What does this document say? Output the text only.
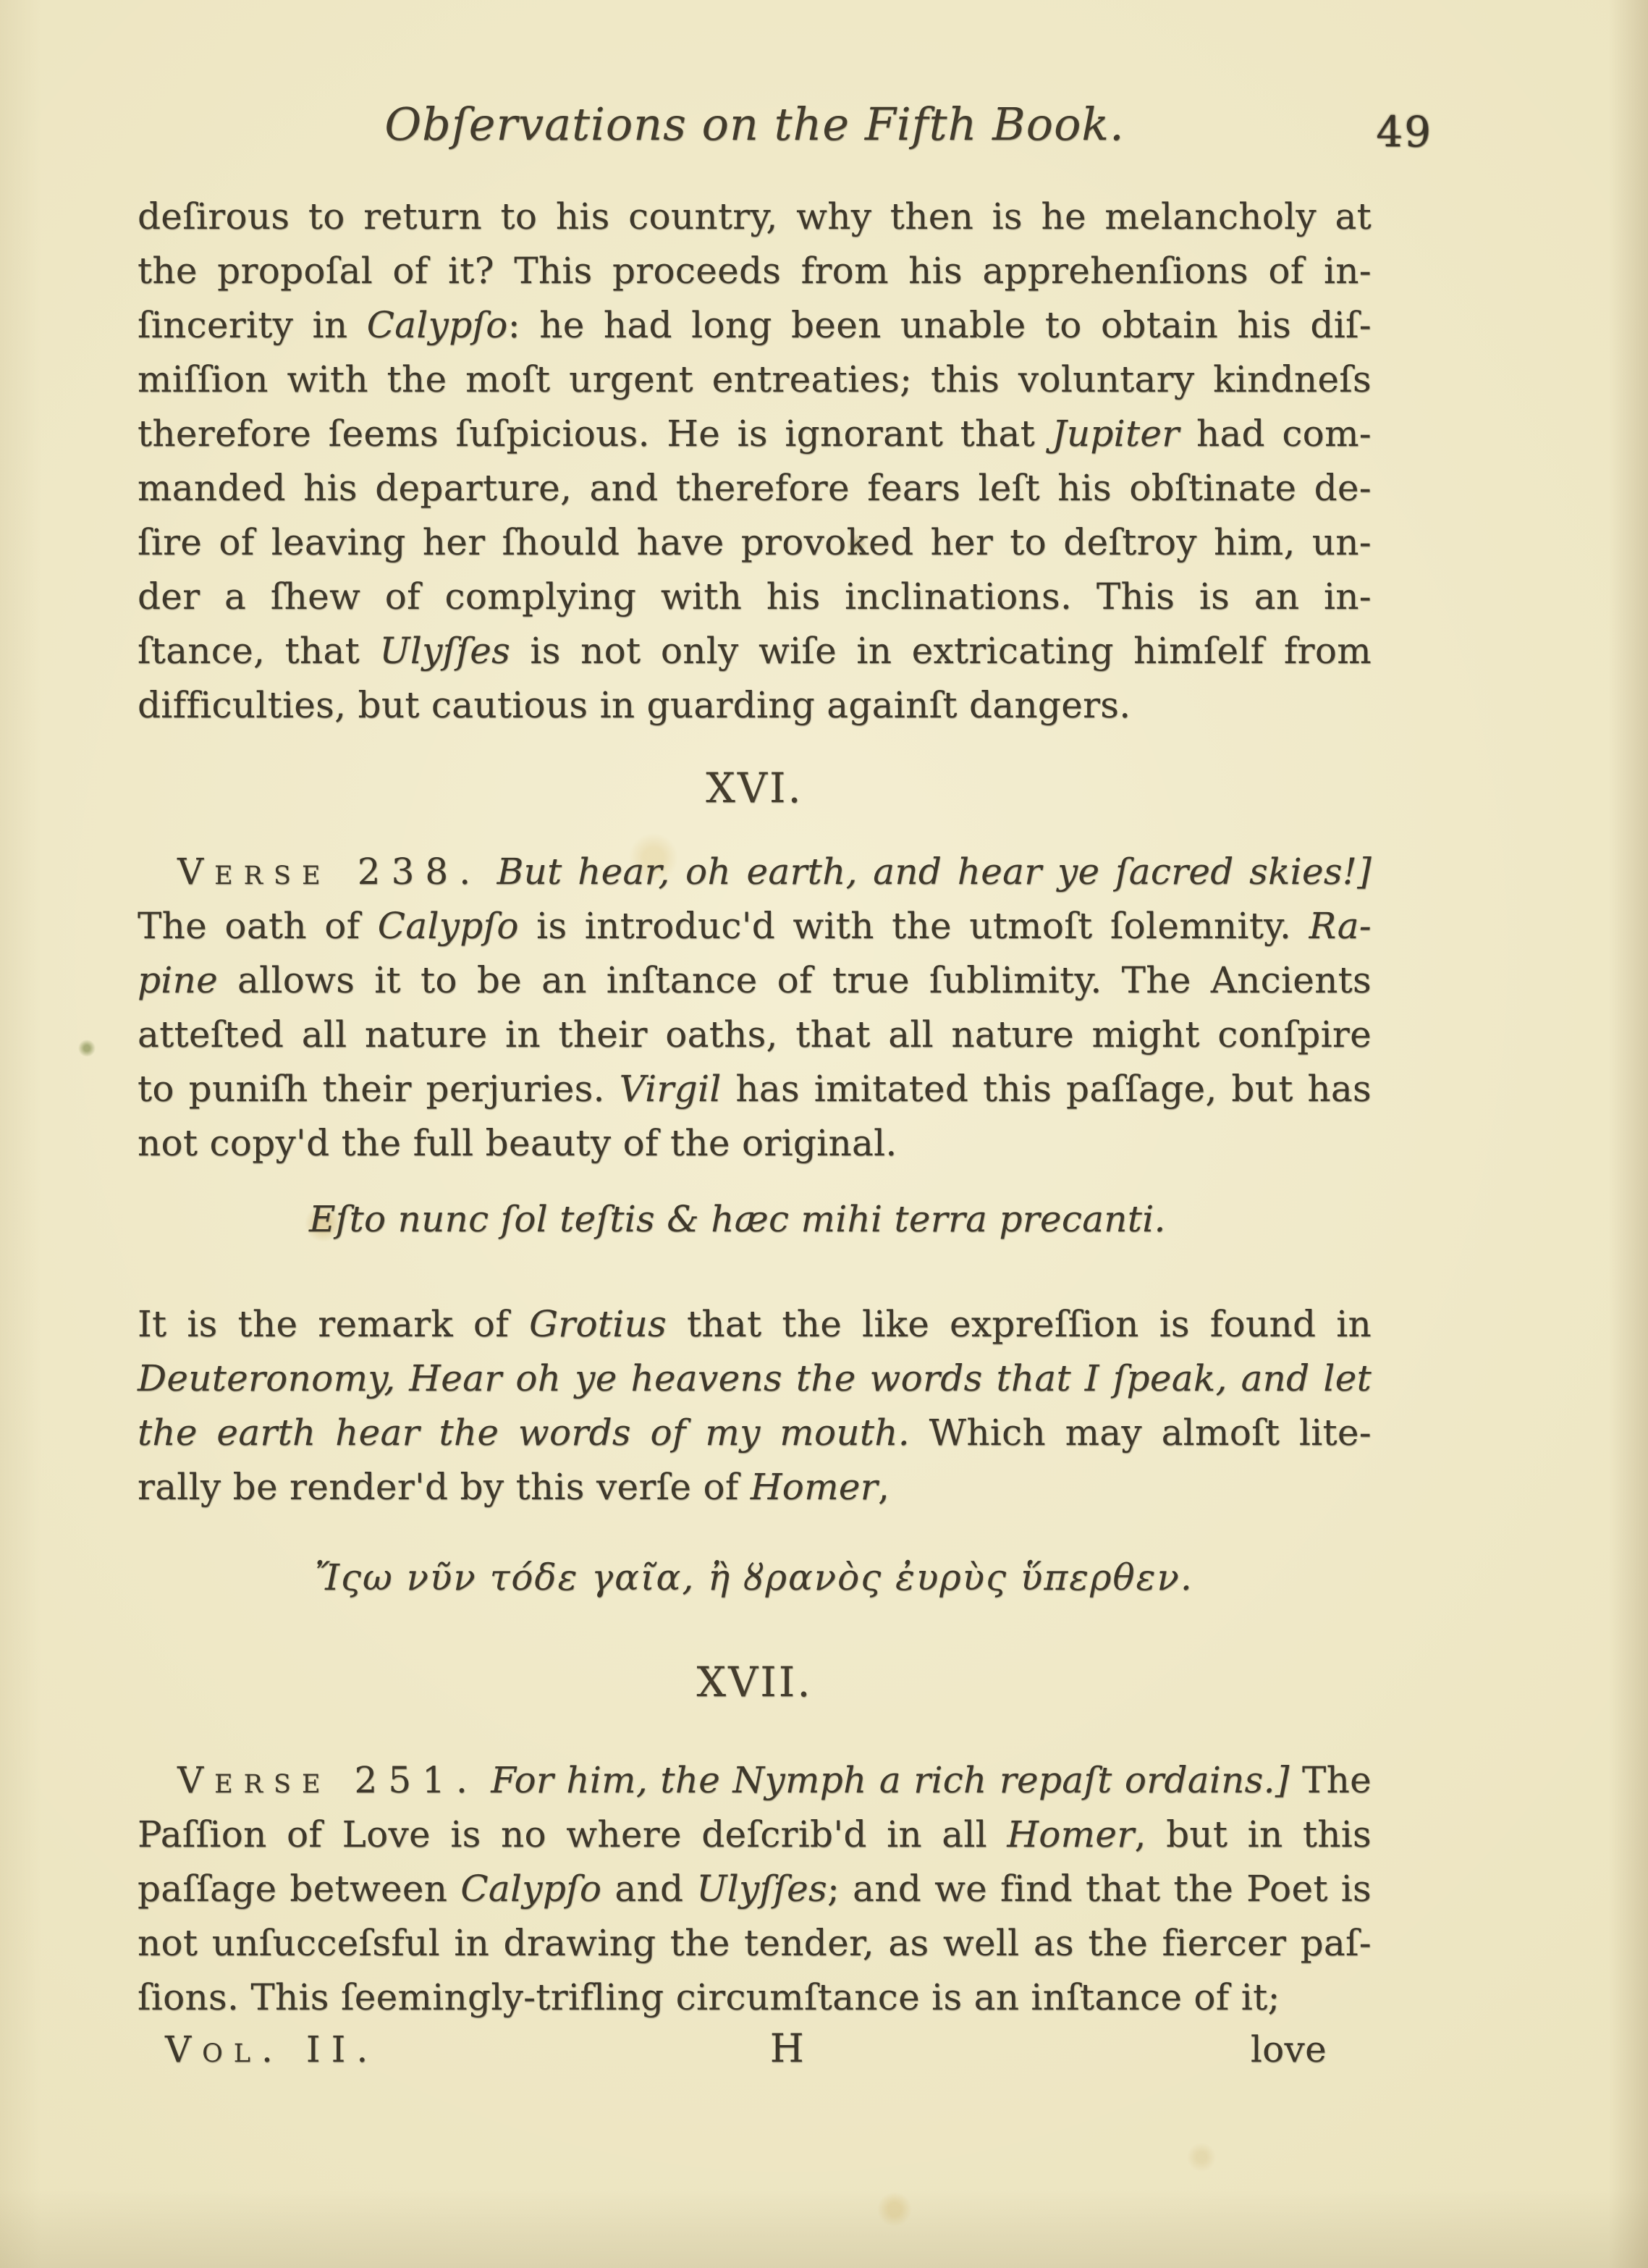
49
Obſervations on the Fifth Book.

deſirous to return to his country, why then is he melancholy at

the propoſal of it? This proceeds from his apprehenſions of in-

ſincerity in Calypſo: he had long been unable to obtain his diſ-

miſſion with the moſt urgent entreaties; this voluntary kindneſs

therefore ſeems ſuſpicious. He is ignorant that Jupiter had com-

manded his departure, and therefore fears leſt his obſtinate de-

ſire of leaving her ſhould have provoked her to deſtroy him, un-

der a ſhew of complying with his inclinations. This is an in-

ſtance, that Ulyſſes is not only wiſe in extricating himſelf from

difficulties, but cautious in guarding againſt dangers.

XVI.

Verse 238. But hear, oh earth, and hear ye ſacred skies!]

The oath of Calypſo is introduc'd with the utmoſt ſolemnity. Ra-

pine allows it to be an inſtance of true ſublimity. The Ancients

atteſted all nature in their oaths, that all nature might conſpire

to puniſh their perjuries. Virgil has imitated this paſſage, but has

not copy'd the full beauty of the original.

Eſto nunc ſol teſtis & hæc mihi terra precanti.

It is the remark of Grotius that the like expreſſion is found in

Deuteronomy, Hear oh ye heavens the words that I ſpeak, and let

the earth hear the words of my mouth. Which may almoſt lite-

rally be render'd by this verſe of Homer,

Ἴςω νῦν τόδε γαῖα, ἢ ȣρανὸς ἐυρὺς ὕπερθεν.

XVII.

Verse 251. For him, the Nymph a rich repaſt ordains.] The

Paſſion of Love is no where deſcrib'd in all Homer, but in this

paſſage between Calypſo and Ulyſſes; and we find that the Poet is

not unſucceſsful in drawing the tender, as well as the fiercer paſ-

ſions. This ſeemingly-trifling circumſtance is an inſtance of it;

Vol. II.	H	love
